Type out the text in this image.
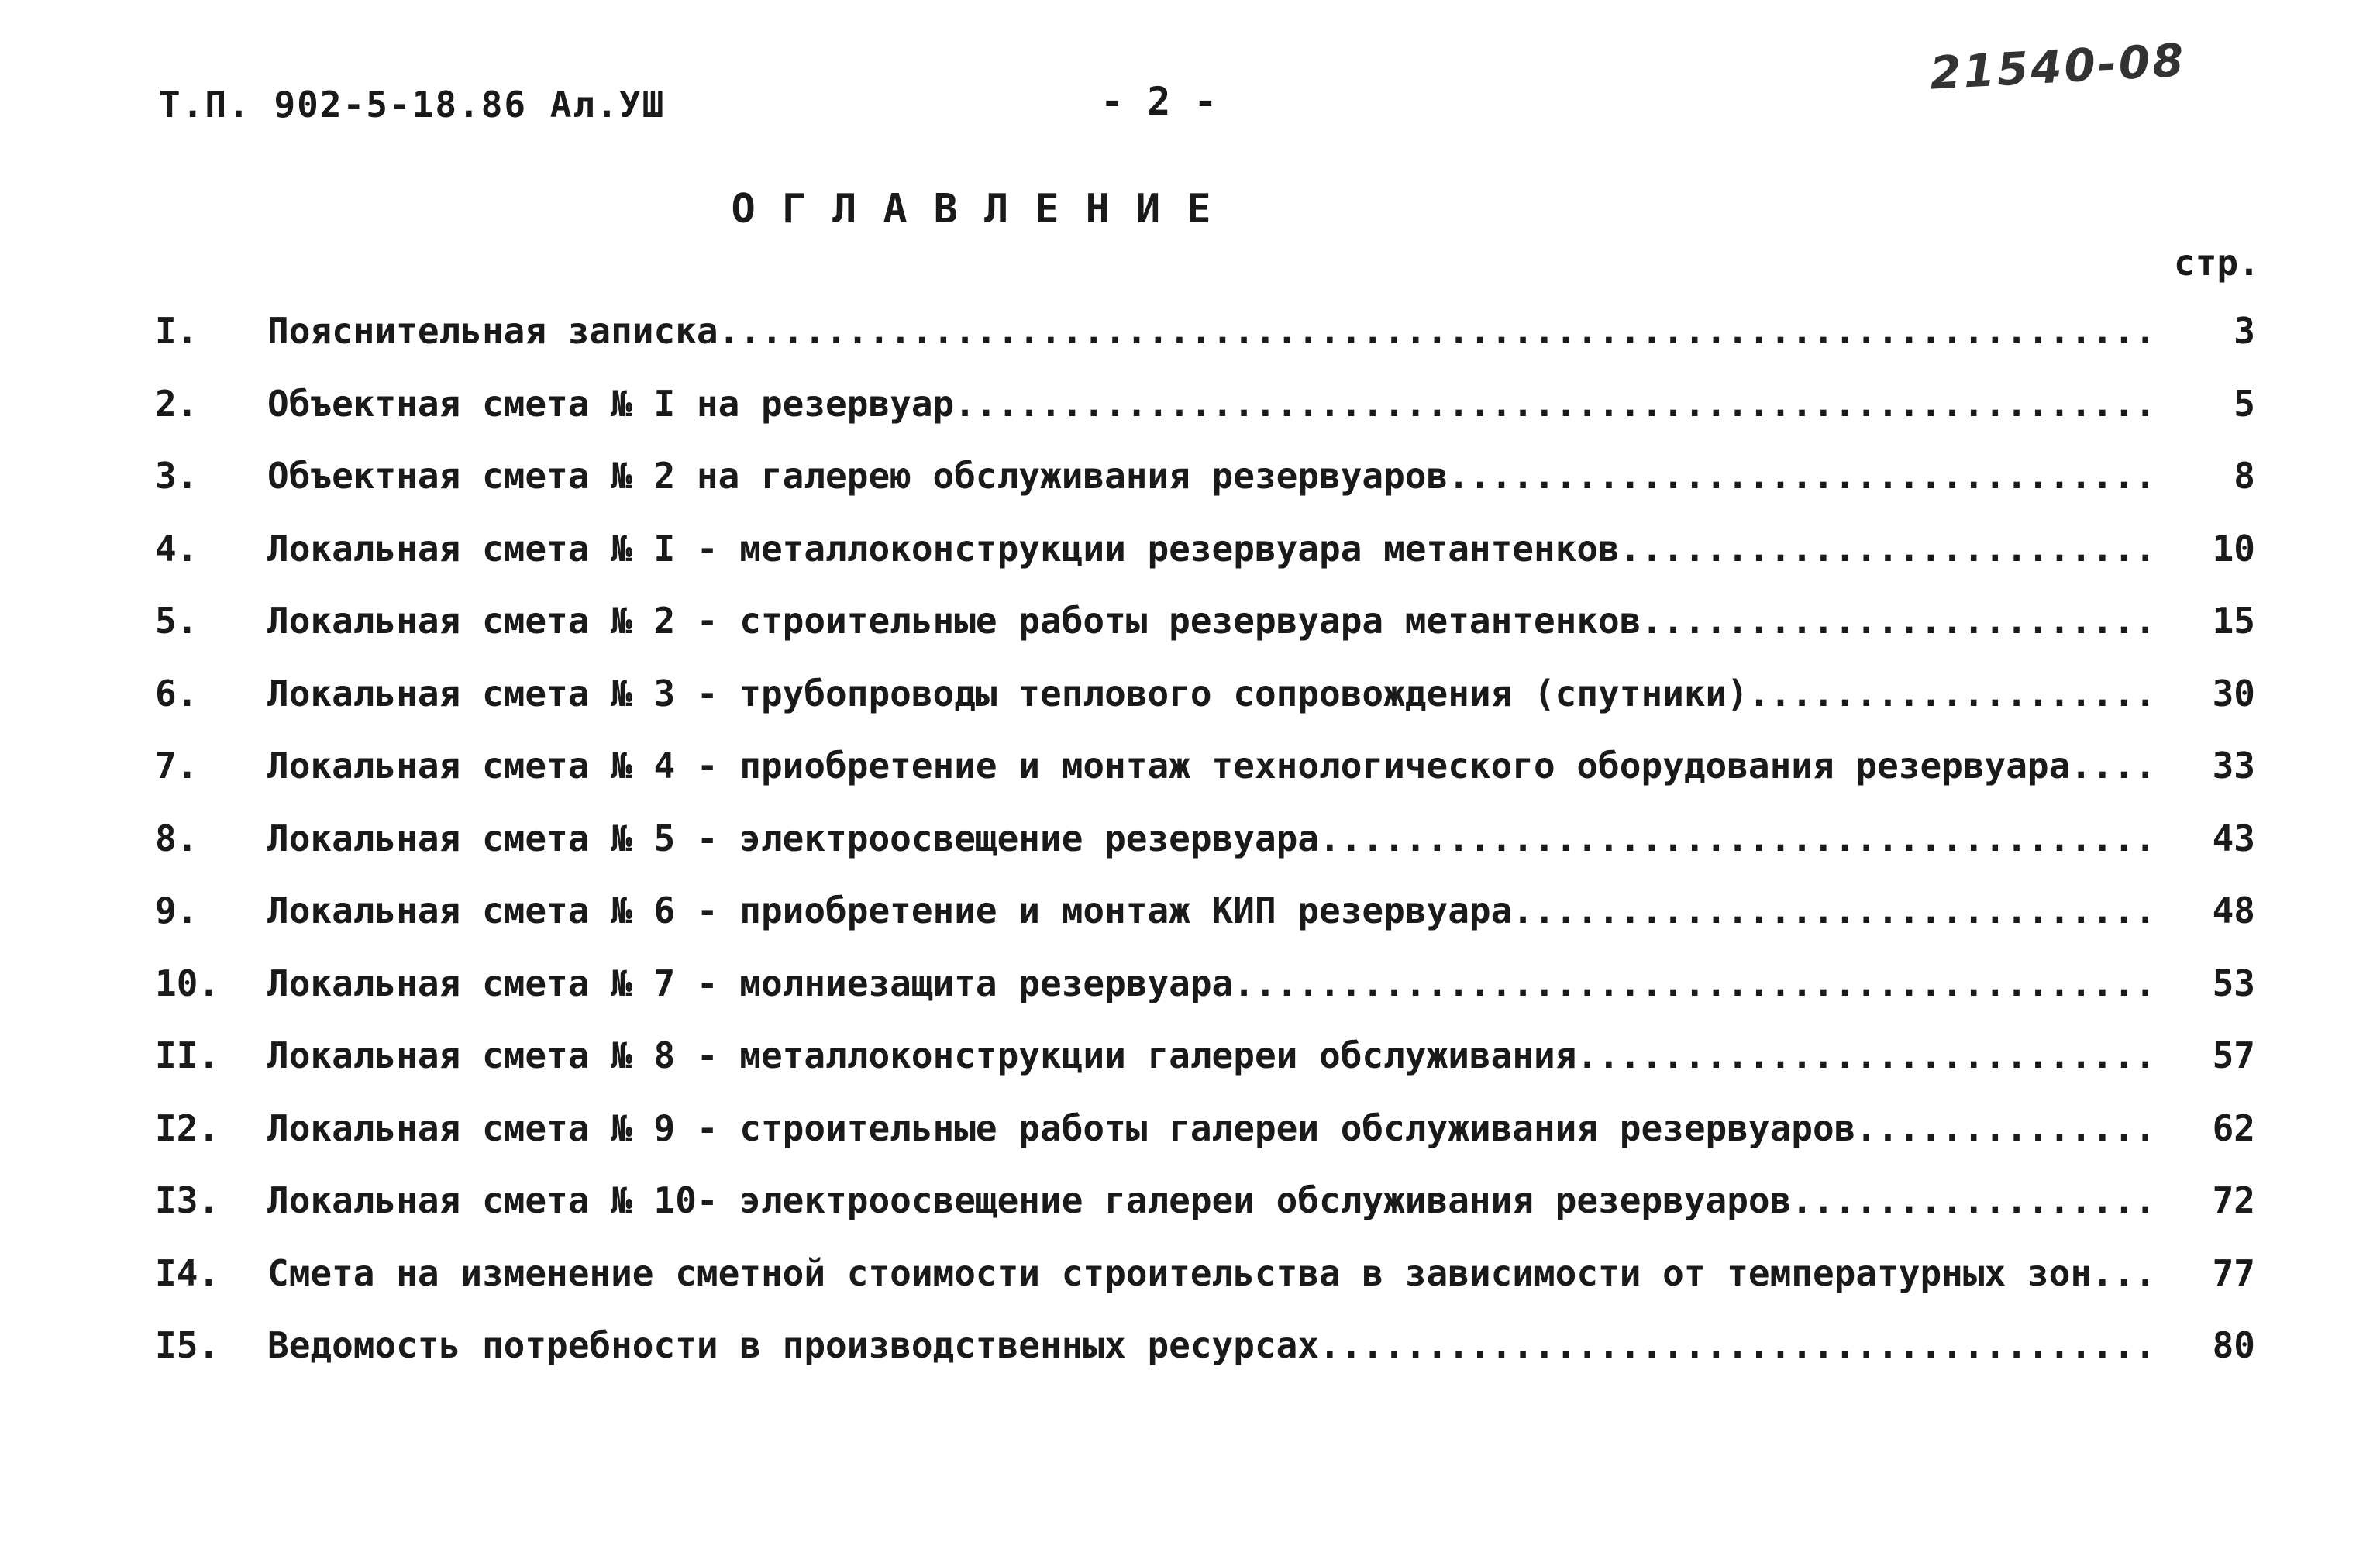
Т.П. 902-5-18.86 Ал.УШ	- 2 -
21540-08
ОГЛАВЛЕНИЕ
стр.
I.	Пояснительная записка .....	3
2.	Объектная смета № I на резервуар .....	5
3.	Объектная смета № 2 на галерею обслуживания резервуаров .....	8
4.	Локальная смета № I - металлоконструкции резервуара метантенков .....	10
5.	Локальная смета № 2 - строительные работы резервуара метантенков .....	15
6.	Локальная смета № 3 - трубопроводы теплового сопровождения (спутники) .....	30
7.	Локальная смета № 4 - приобретение и монтаж технологического оборудования резервуара. .....	33
8.	Локальная смета № 5 - электроосвещение резервуара .....	43
9.	Локальная смета № 6 - приобретение и монтаж КИП резервуара .....	48
10.	Локальная смета № 7 - молниезащита резервуара .....	53
II.	Локальная смета № 8 - металлоконструкции галереи обслуживания .....	57
I2.	Локальная смета № 9 - строительные работы галереи обслуживания резервуаров .....	62
I3.	Локальная смета № 10- электроосвещение галереи обслуживания резервуаров .....	72
I4.	Смета на изменение сметной стоимости строительства в зависимости от температурных зон .....	77
I5.	Ведомость потребности в производственных ресурсах .....	80
